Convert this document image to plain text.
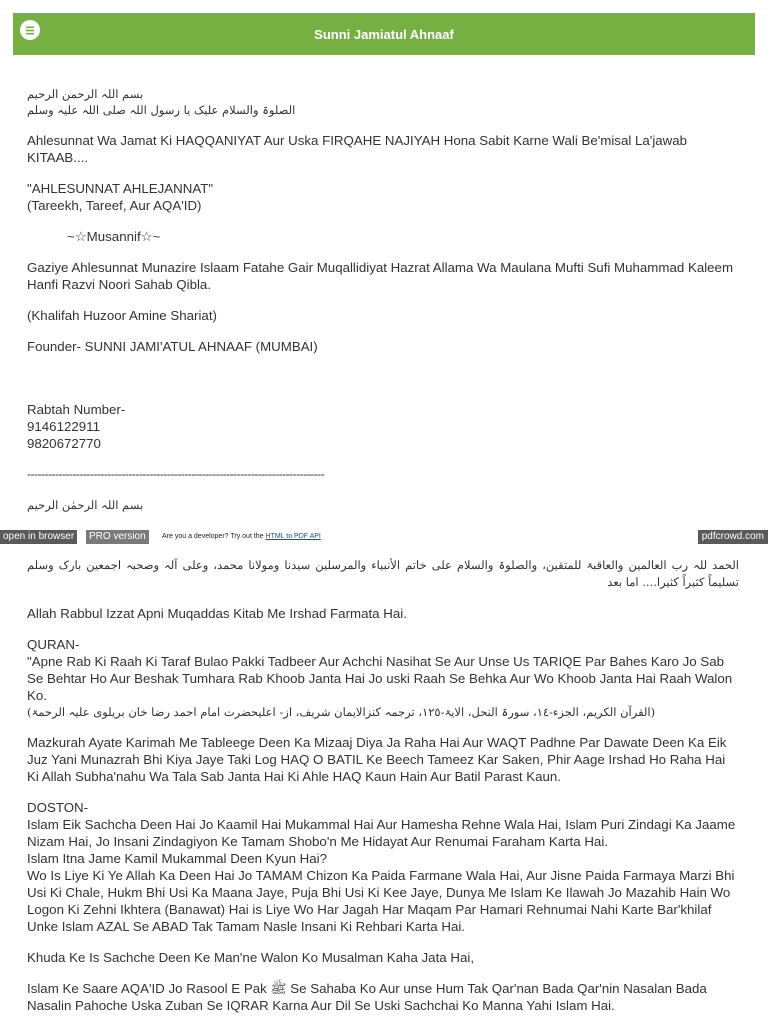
Sunni Jamiatul Ahnaaf

بسم اللہ الرحمن الرحیم

الصلوۃ والسلام علیک یا رسول اللہ صلی اللہ علیہ وسلم

Ahlesunnat Wa Jamat Ki HAQQANIYAT Aur Uska FIRQAHE NAJIYAH Hona Sabit Karne Wali Be'misal La'jawab KITAAB....

"AHLESUNNAT AHLEJANNAT"

(Tareekh, Tareef, Aur AQA'ID)

~☆Musannif☆~

Gaziye Ahlesunnat Munazire Islaam Fatahe Gair Muqallidiyat Hazrat Allama Wa Maulana Mufti Sufi Muhammad Kaleem Hanfi Razvi Noori Sahab Qibla.

(Khalifah Huzoor Amine Shariat)

Founder- SUNNI JAMI'ATUL AHNAAF (MUMBAI)

Rabtah Number-

9146122911

9820672770

-------------------------------------------------------------------------------------

بسم اللہ الرحمٰن الرحیم

open in browser	PRO version	Are you a developer? Try out the HTML to PDF API	pdfcrowd.com

الحمد للہ رب العالمین والعاقبۃ للمتقین، والصلوۃ والسلام علی خاتم الأنبیاء والمرسلین سیدنا ومولانا محمد، وعلی آلہ وصحبہ اجمعین بارک وسلم تسلیماً کثیراً کثیرا.... اما بعد

Allah Rabbul Izzat Apni Muqaddas Kitab Me Irshad Farmata Hai.

QURAN-

"Apne Rab Ki Raah Ki Taraf Bulao Pakki Tadbeer Aur Achchi Nasihat Se Aur Unse Us TARIQE Par Bahes Karo Jo Sab Se Behtar Ho Aur Beshak Tumhara Rab Khoob Janta Hai Jo uski Raah Se Behka Aur Wo Khoob Janta Hai Raah Walon Ko.

(القرآن الکریم، الجزء-١٤، سورۃ النحل، الایۃ-١٢٥، ترجمہ کنزالایمان شریف، از- اعلیحضرت امام احمد رضا خان بریلوی علیہ الرحمۃ)

Mazkurah Ayate Karimah Me Tableege Deen Ka Mizaaj Diya Ja Raha Hai Aur WAQT Padhne Par Dawate Deen Ka Eik Juz Yani Munazrah Bhi Kiya Jaye Taki Log HAQ O BATIL Ke Beech Tameez Kar Saken, Phir Aage Irshad Ho Raha Hai Ki Allah Subha'nahu Wa Tala Sab Janta Hai Ki Ahle HAQ Kaun Hain Aur Batil Parast Kaun.

DOSTON-

Islam Eik Sachcha Deen Hai Jo Kaamil Hai Mukammal Hai Aur Hamesha Rehne Wala Hai, Islam Puri Zindagi Ka Jaame Nizam Hai, Jo Insani Zindagiyon Ke Tamam Shobo'n Me Hidayat Aur Renumai Faraham Karta Hai.

Islam Itna Jame Kamil Mukammal Deen Kyun Hai?

Wo Is Liye Ki Ye Allah Ka Deen Hai Jo TAMAM Chizon Ka Paida Farmane Wala Hai, Aur Jisne Paida Farmaya Marzi Bhi Usi Ki Chale, Hukm Bhi Usi Ka Maana Jaye, Puja Bhi Usi Ki Kee Jaye, Dunya Me Islam Ke Ilawah Jo Mazahib Hain Wo Logon Ki Zehni Ikhtera (Banawat) Hai is Liye Wo Har Jagah Har Maqam Par Hamari Rehnumai Nahi Karte Bar'khilaf Unke Islam AZAL Se ABAD Tak Tamam Nasle Insani Ki Rehbari Karta Hai.

Khuda Ke Is Sachche Deen Ke Man'ne Walon Ko Musalman Kaha Jata Hai,

Islam Ke Saare AQA'ID Jo Rasool E Pak ﷺ Se Sahaba Ko Aur unse Hum Tak Qar'nan Bada Qar'nin Nasalan Bada Nasalin Pahoche Uska Zuban Se IQRAR Karna Aur Dil Se Uski Sachchai Ko Manna Yahi Islam Hai.
